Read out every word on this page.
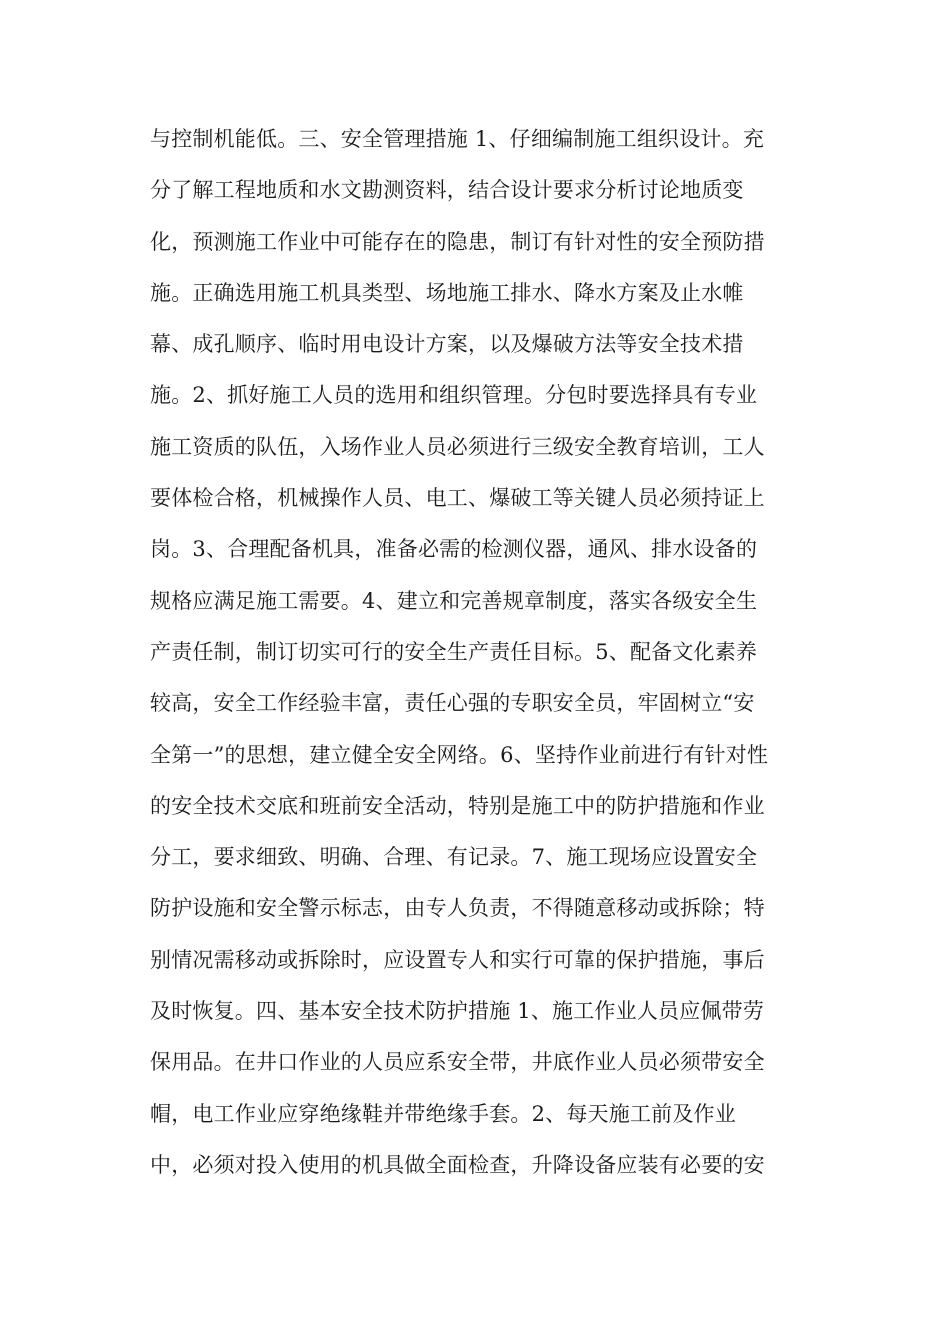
与控制机能低。三、安全管理措施 1、仔细编制施工组织设计。充
分了解工程地质和水文勘测资料，结合设计要求分析讨论地质变
化，预测施工作业中可能存在的隐患，制订有针对性的安全预防措
施。正确选用施工机具类型、场地施工排水、降水方案及止水帷
幕、成孔顺序、临时用电设计方案，以及爆破方法等安全技术措
施。2、抓好施工人员的选用和组织管理。分包时要选择具有专业
施工资质的队伍，入场作业人员必须进行三级安全教育培训，工人
要体检合格，机械操作人员、电工、爆破工等关键人员必须持证上
岗。3、合理配备机具，准备必需的检测仪器，通风、排水设备的
规格应满足施工需要。4、建立和完善规章制度，落实各级安全生
产责任制，制订切实可行的安全生产责任目标。5、配备文化素养
较高，安全工作经验丰富，责任心强的专职安全员，牢固树立“安
全第一”的思想，建立健全安全网络。6、坚持作业前进行有针对性
的安全技术交底和班前安全活动，特别是施工中的防护措施和作业
分工，要求细致、明确、合理、有记录。7、施工现场应设置安全
防护设施和安全警示标志，由专人负责，不得随意移动或拆除；特
别情况需移动或拆除时，应设置专人和实行可靠的保护措施，事后
及时恢复。四、基本安全技术防护措施 1、施工作业人员应佩带劳
保用品。在井口作业的人员应系安全带，井底作业人员必须带安全
帽，电工作业应穿绝缘鞋并带绝缘手套。2、每天施工前及作业
中，必须对投入使用的机具做全面检查，升降设备应装有必要的安
